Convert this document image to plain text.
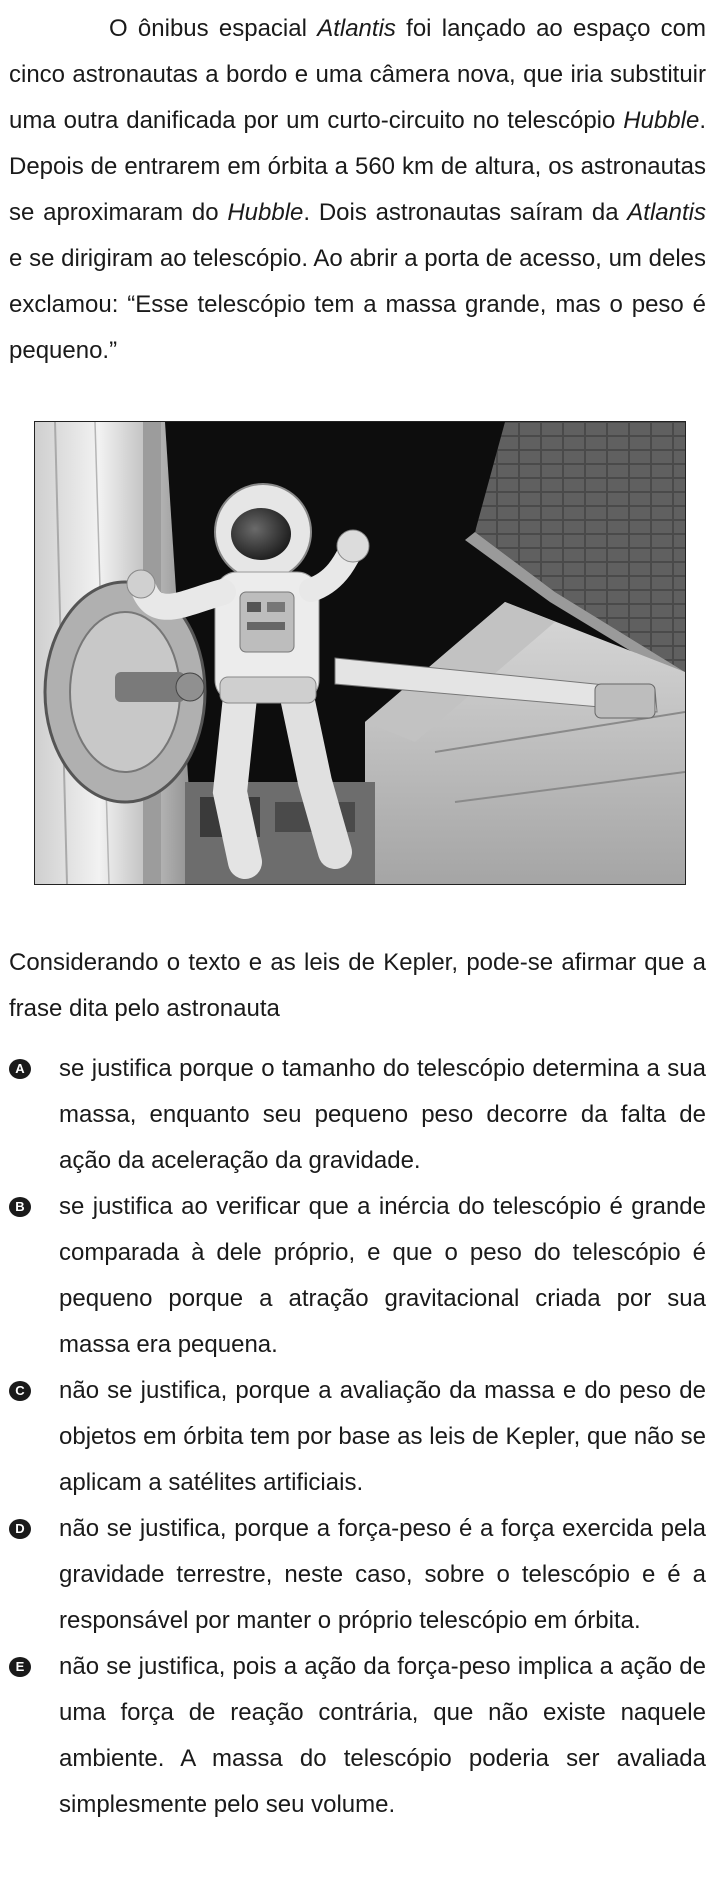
O ônibus espacial Atlantis foi lançado ao espaço com cinco astronautas a bordo e uma câmera nova, que iria substituir uma outra danificada por um curto-circuito no telescópio Hubble. Depois de entrarem em órbita a 560 km de altura, os astronautas se aproximaram do Hubble. Dois astronautas saíram da Atlantis e se dirigiram ao telescópio. Ao abrir a porta de acesso, um deles exclamou: “Esse telescópio tem a massa grande, mas o peso é pequeno.”

Considerando o texto e as leis de Kepler, pode-se afirmar que a frase dita pelo astronauta

A se justifica porque o tamanho do telescópio determina a sua massa, enquanto seu pequeno peso decorre da falta de ação da aceleração da gravidade.
B se justifica ao verificar que a inércia do telescópio é grande comparada à dele próprio, e que o peso do telescópio é pequeno porque a atração gravitacional criada por sua massa era pequena.
C não se justifica, porque a avaliação da massa e do peso de objetos em órbita tem por base as leis de Kepler, que não se aplicam a satélites artificiais.
D não se justifica, porque a força-peso é a força exercida pela gravidade terrestre, neste caso, sobre o telescópio e é a responsável por manter o próprio telescópio em órbita.
E não se justifica, pois a ação da força-peso implica a ação de uma força de reação contrária, que não existe naquele ambiente. A massa do telescópio poderia ser avaliada simplesmente pelo seu volume.
